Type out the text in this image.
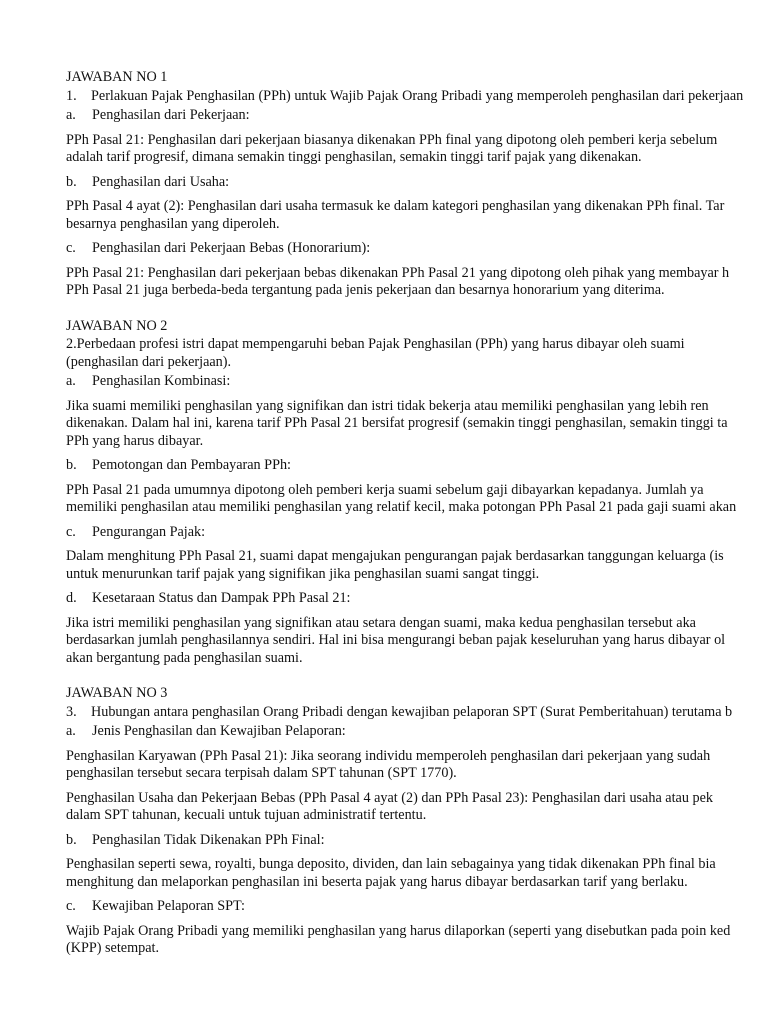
JAWABAN NO 1
1. Perlakuan Pajak Penghasilan (PPh) untuk Wajib Pajak Orang Pribadi yang memperoleh penghasilan dari pekerjaan
a. Penghasilan dari Pekerjaan:
PPh Pasal 21: Penghasilan dari pekerjaan biasanya dikenakan PPh final yang dipotong oleh pemberi kerja sebelum
adalah tarif progresif, dimana semakin tinggi penghasilan, semakin tinggi tarif pajak yang dikenakan.
b. Penghasilan dari Usaha:
PPh Pasal 4 ayat (2): Penghasilan dari usaha termasuk ke dalam kategori penghasilan yang dikenakan PPh final. Tar
besarnya penghasilan yang diperoleh.
c. Penghasilan dari Pekerjaan Bebas (Honorarium):
PPh Pasal 21: Penghasilan dari pekerjaan bebas dikenakan PPh Pasal 21 yang dipotong oleh pihak yang membayar h
PPh Pasal 21 juga berbeda-beda tergantung pada jenis pekerjaan dan besarnya honorarium yang diterima.
JAWABAN NO 2
2.Perbedaan profesi istri dapat mempengaruhi beban Pajak Penghasilan (PPh) yang harus dibayar oleh suami
(penghasilan dari pekerjaan).
a. Penghasilan Kombinasi:
Jika suami memiliki penghasilan yang signifikan dan istri tidak bekerja atau memiliki penghasilan yang lebih ren
dikenakan. Dalam hal ini, karena tarif PPh Pasal 21 bersifat progresif (semakin tinggi penghasilan, semakin tinggi ta
PPh yang harus dibayar.
b. Pemotongan dan Pembayaran PPh:
PPh Pasal 21 pada umumnya dipotong oleh pemberi kerja suami sebelum gaji dibayarkan kepadanya. Jumlah ya
memiliki penghasilan atau memiliki penghasilan yang relatif kecil, maka potongan PPh Pasal 21 pada gaji suami akan
c. Pengurangan Pajak:
Dalam menghitung PPh Pasal 21, suami dapat mengajukan pengurangan pajak berdasarkan tanggungan keluarga (is
untuk menurunkan tarif pajak yang signifikan jika penghasilan suami sangat tinggi.
d. Kesetaraan Status dan Dampak PPh Pasal 21:
Jika istri memiliki penghasilan yang signifikan atau setara dengan suami, maka kedua penghasilan tersebut aka
berdasarkan jumlah penghasilannya sendiri. Hal ini bisa mengurangi beban pajak keseluruhan yang harus dibayar ol
akan bergantung pada penghasilan suami.
JAWABAN NO 3
3. Hubungan antara penghasilan Orang Pribadi dengan kewajiban pelaporan SPT (Surat Pemberitahuan) terutama b
a. Jenis Penghasilan dan Kewajiban Pelaporan:
Penghasilan Karyawan (PPh Pasal 21): Jika seorang individu memperoleh penghasilan dari pekerjaan yang sudah
penghasilan tersebut secara terpisah dalam SPT tahunan (SPT 1770).
Penghasilan Usaha dan Pekerjaan Bebas (PPh Pasal 4 ayat (2) dan PPh Pasal 23): Penghasilan dari usaha atau pek
dalam SPT tahunan, kecuali untuk tujuan administratif tertentu.
b. Penghasilan Tidak Dikenakan PPh Final:
Penghasilan seperti sewa, royalti, bunga deposito, dividen, dan lain sebagainya yang tidak dikenakan PPh final bia
menghitung dan melaporkan penghasilan ini beserta pajak yang harus dibayar berdasarkan tarif yang berlaku.
c. Kewajiban Pelaporan SPT:
Wajib Pajak Orang Pribadi yang memiliki penghasilan yang harus dilaporkan (seperti yang disebutkan pada poin ked
(KPP) setempat.
